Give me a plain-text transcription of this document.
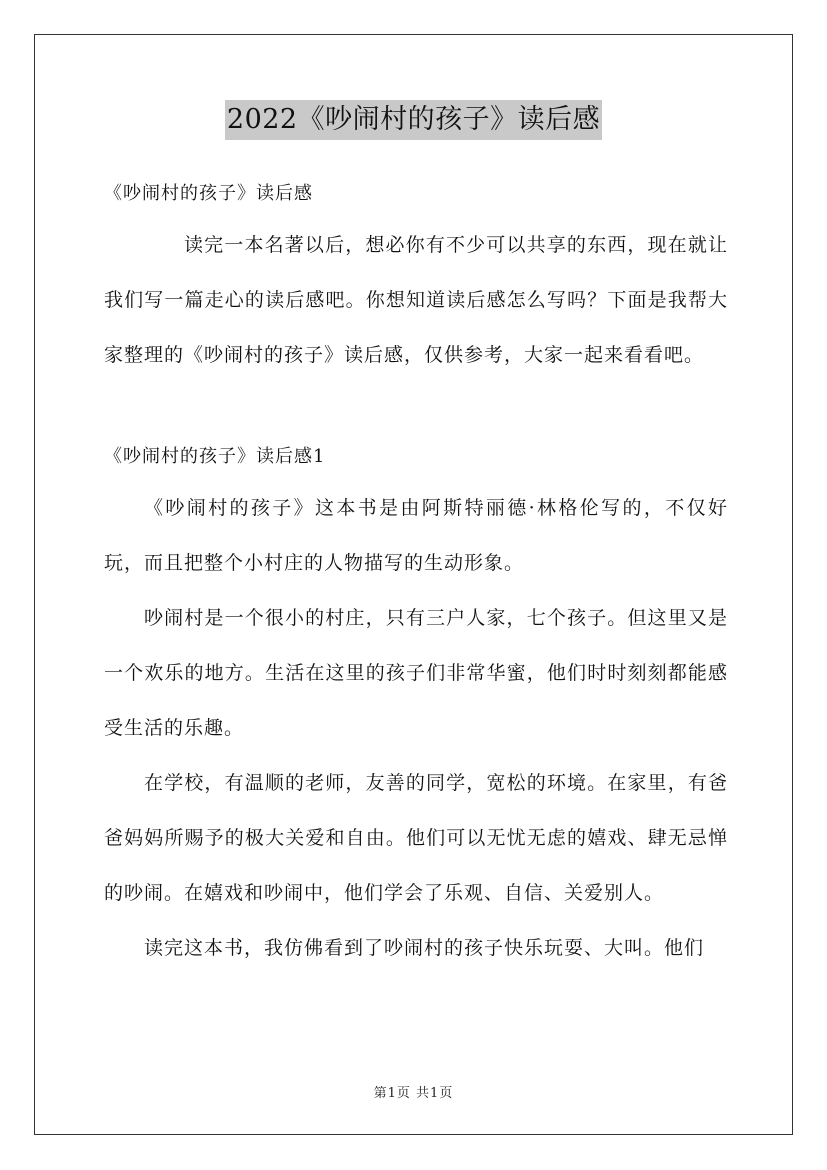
2022《吵闹村的孩子》读后感

《吵闹村的孩子》读后感

读完一本名著以后，想必你有不少可以共享的东西，现在就让我们写一篇走心的读后感吧。你想知道读后感怎么写吗？下面是我帮大家整理的《吵闹村的孩子》读后感，仅供参考，大家一起来看看吧。

《吵闹村的孩子》读后感1

《吵闹村的孩子》这本书是由阿斯特丽德·林格伦写的，不仅好玩，而且把整个小村庄的人物描写的生动形象。

吵闹村是一个很小的村庄，只有三户人家，七个孩子。但这里又是一个欢乐的地方。生活在这里的孩子们非常华蜜，他们时时刻刻都能感受生活的乐趣。

在学校，有温顺的老师，友善的同学，宽松的环境。在家里，有爸爸妈妈所赐予的极大关爱和自由。他们可以无忧无虑的嬉戏、肆无忌惮的吵闹。在嬉戏和吵闹中，他们学会了乐观、自信、关爱别人。

读完这本书，我仿佛看到了吵闹村的孩子快乐玩耍、大叫。他们

第1页 共1页
